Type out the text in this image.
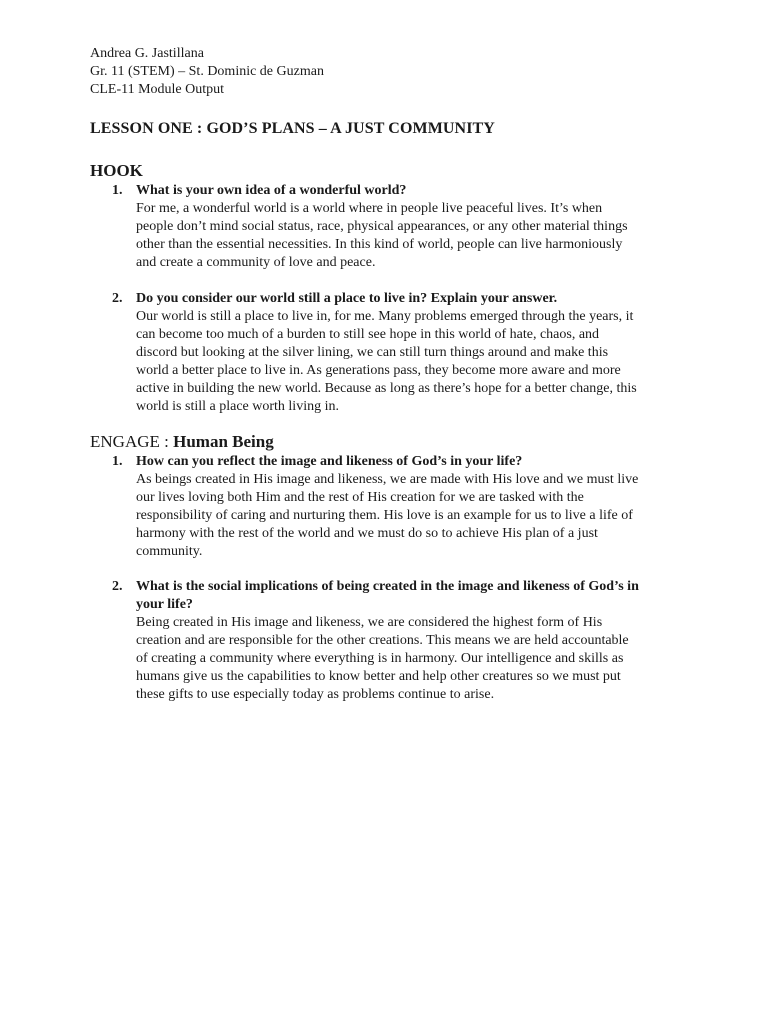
Andrea G. Jastillana
Gr. 11 (STEM) – St. Dominic de Guzman
CLE-11 Module Output
LESSON ONE : GOD’S PLANS – A JUST COMMUNITY
HOOK
1. What is your own idea of a wonderful world?
For me, a wonderful world is a world where in people live peaceful lives. It’s when
people don’t mind social status, race, physical appearances, or any other material things
other than the essential necessities. In this kind of world, people can live harmoniously
and create a community of love and peace.
2. Do you consider our world still a place to live in? Explain your answer.
Our world is still a place to live in, for me. Many problems emerged through the years, it
can become too much of a burden to still see hope in this world of hate, chaos, and
discord but looking at the silver lining, we can still turn things around and make this
world a better place to live in. As generations pass, they become more aware and more
active in building the new world. Because as long as there’s hope for a better change, this
world is still a place worth living in.
ENGAGE : Human Being
1. How can you reflect the image and likeness of God’s in your life?
As beings created in His image and likeness, we are made with His love and we must live
our lives loving both Him and the rest of His creation for we are tasked with the
responsibility of caring and nurturing them. His love is an example for us to live a life of
harmony with the rest of the world and we must do so to achieve His plan of a just
community.
2. What is the social implications of being created in the image and likeness of God’s in
your life?
Being created in His image and likeness, we are considered the highest form of His
creation and are responsible for the other creations. This means we are held accountable
of creating a community where everything is in harmony. Our intelligence and skills as
humans give us the capabilities to know better and help other creatures so we must put
these gifts to use especially today as problems continue to arise.
